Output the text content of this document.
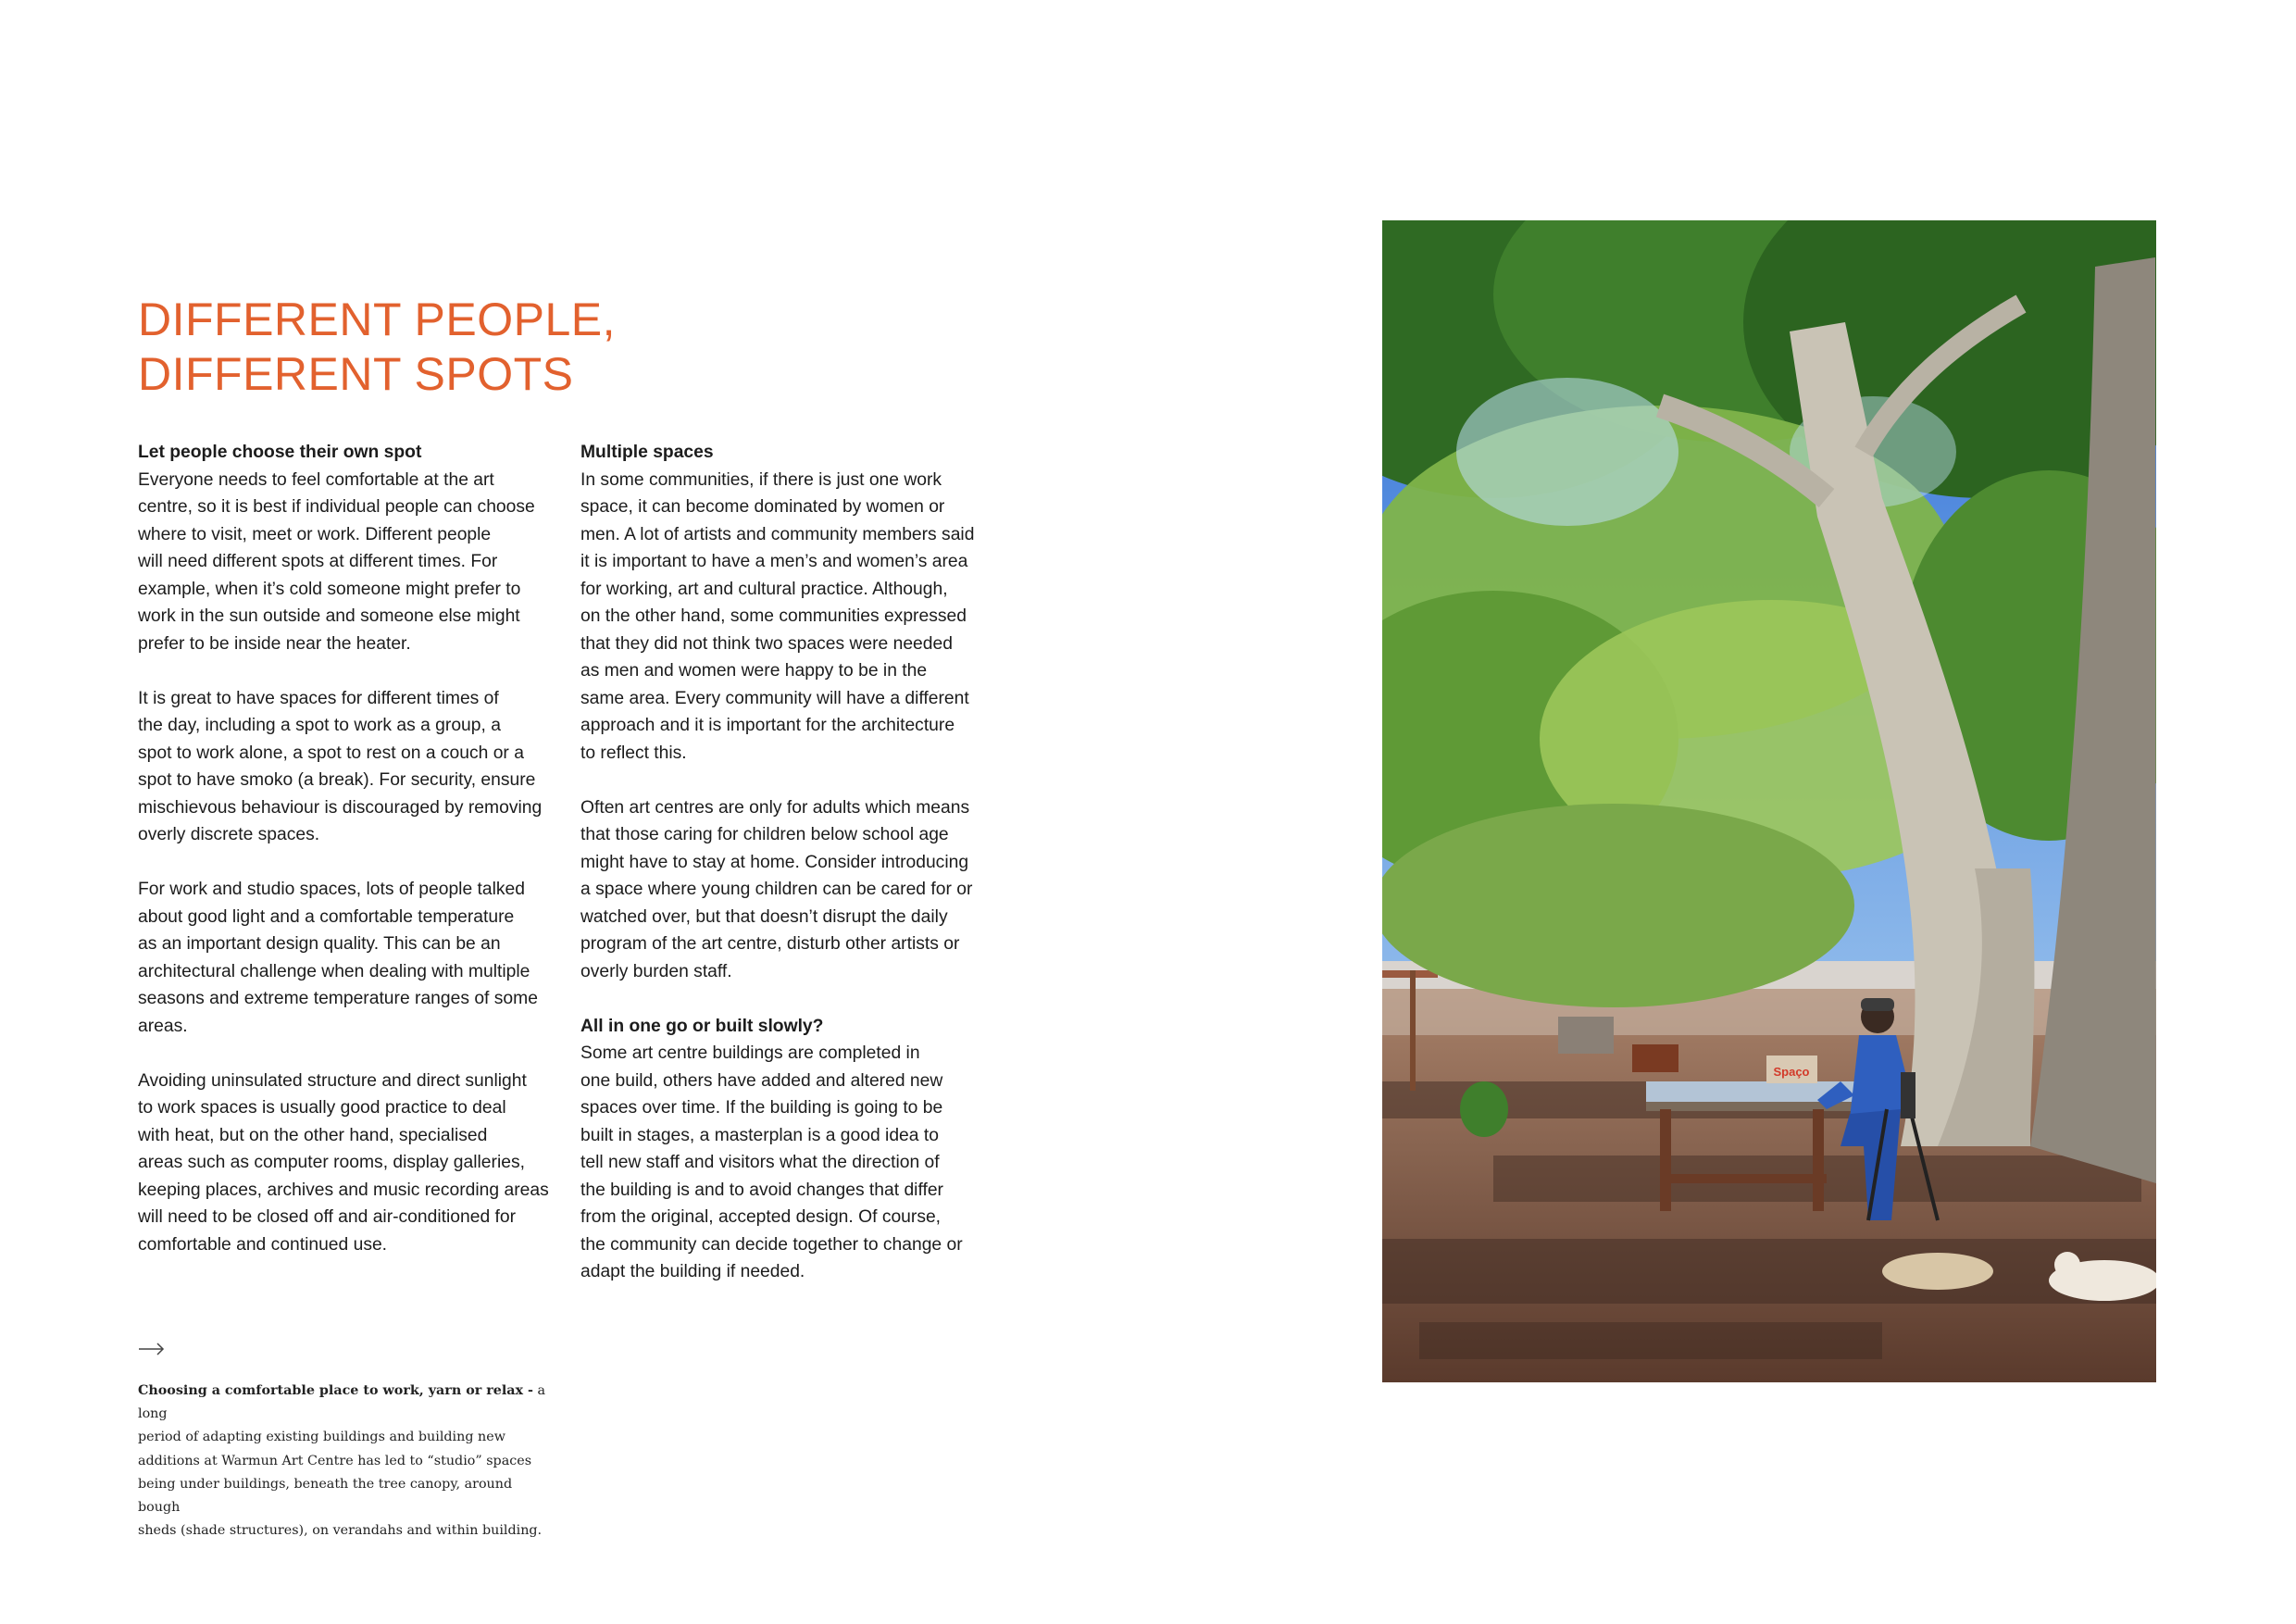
DIFFERENT PEOPLE,
DIFFERENT SPOTS
Let people choose their own spot

Everyone needs to feel comfortable at the art
centre, so it is best if individual people can choose
where to visit, meet or work. Different people
will need different spots at different times. For
example, when it’s cold someone might prefer to
work in the sun outside and someone else might
prefer to be inside near the heater.

It is great to have spaces for different times of
the day, including a spot to work as a group, a
spot to work alone, a spot to rest on a couch or a
spot to have smoko (a break). For security, ensure
mischievous behaviour is discouraged by removing
overly discrete spaces.

For work and studio spaces, lots of people talked
about good light and a comfortable temperature
as an important design quality. This can be an
architectural challenge when dealing with multiple
seasons and extreme temperature ranges of some
areas.

Avoiding uninsulated structure and direct sunlight
to work spaces is usually good practice to deal
with heat, but on the other hand, specialised
areas such as computer rooms, display galleries,
keeping places, archives and music recording areas
will need to be closed off and air-conditioned for
comfortable and continued use.

Multiple spaces

In some communities, if there is just one work
space, it can become dominated by women or
men. A lot of artists and community members said
it is important to have a men’s and women’s area
for working, art and cultural practice. Although,
on the other hand, some communities expressed
that they did not think two spaces were needed
as men and women were happy to be in the
same area. Every community will have a different
approach and it is important for the architecture
to reflect this.

Often art centres are only for adults which means
that those caring for children below school age
might have to stay at home. Consider introducing
a space where young children can be cared for or
watched over, but that doesn’t disrupt the daily
program of the art centre, disturb other artists or
overly burden staff.

All in one go or built slowly?

Some art centre buildings are completed in
one build, others have added and altered new
spaces over time. If the building is going to be
built in stages, a masterplan is a good idea to
tell new staff and visitors what the direction of
the building is and to avoid changes that differ
from the original, accepted design. Of course,
the community can decide together to change or
adapt the building if needed.

Choosing a comfortable place to work, yarn or relax - a long
period of adapting existing buildings and building new
additions at Warmun Art Centre has led to “studio” spaces
being under buildings, beneath the tree canopy, around bough
sheds (shade structures), on verandahs and within building.
Spaço
